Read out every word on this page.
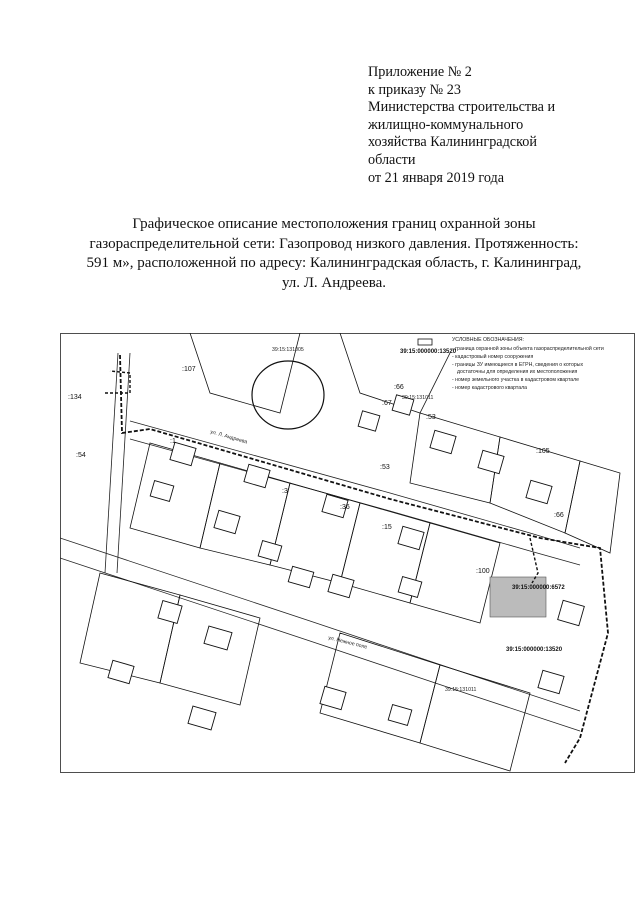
Приложение № 2
к приказу № 23
Министерства строительства и
жилищно-коммунального
хозяйства Калининградской
области
от 21 января 2019 года
Графическое описание местоположения границ охранной зоны
газораспределительной сети: Газопровод низкого давления. Протяженность:
591 м», расположенной по адресу: Калининградская область, г. Калининград,
ул. Л. Андреева.
УСЛОВНЫЕ ОБОЗНАЧЕНИЯ:
- граница охранной зоны объекта газораспределительной сети
- кадастровый номер сооружения
- границы ЗУ имеющиеся в ЕГРН, сведения о которых
достаточны для определения их местоположения
- номер земельного участка в кадастровом квартале
- номер кадастрового квартала
39:15:131005
39:15:131011
39:15:131011
39:15:000000:13520
39:15:000000:6572
39:15:000000:13520
ул. Л. Андреева
ул. Нежное поле
:107
:134
:54
:1
:3
:36
:15
:66
:67
:53
:53
:105
:66
:100
